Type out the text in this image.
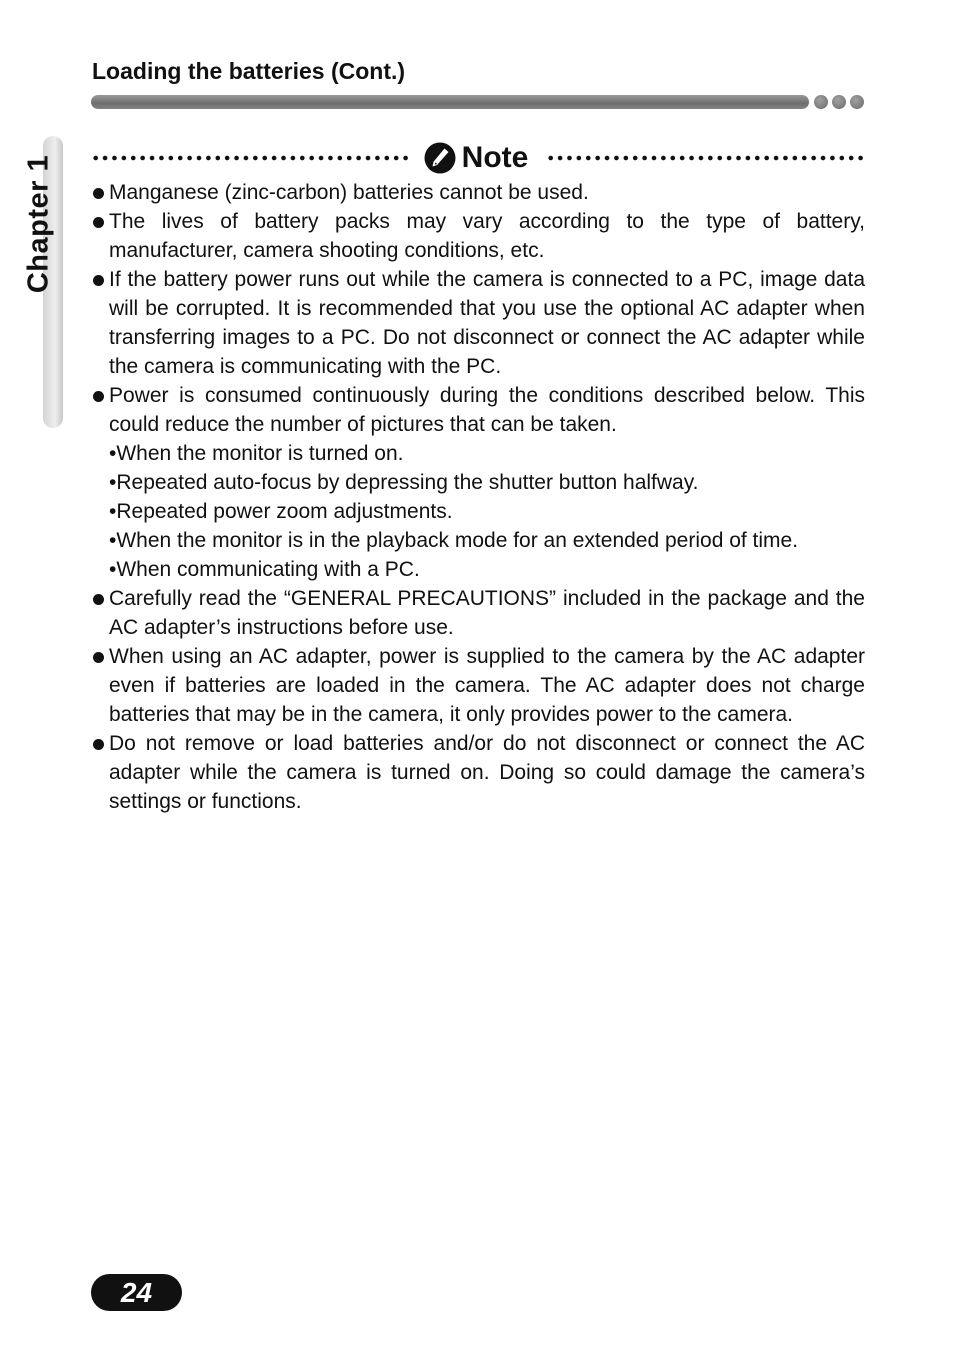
Loading the batteries (Cont.)
Chapter 1	Note
Manganese (zinc-carbon) batteries cannot be used.
The lives of battery packs may vary according to the type of battery, manufacturer, camera shooting conditions, etc.
If the battery power runs out while the camera is connected to a PC, image data will be corrupted. It is recommended that you use the optional AC adapter when transferring images to a PC. Do not disconnect or connect the AC adapter while the camera is communicating with the PC.
Power is consumed continuously during the conditions described below. This could reduce the number of pictures that can be taken.
•When the monitor is turned on.
•Repeated auto-focus by depressing the shutter button halfway.
•Repeated power zoom adjustments.
•When the monitor is in the playback mode for an extended period of time.
•When communicating with a PC.
Carefully read the “GENERAL PRECAUTIONS” included in the package and the AC adapter’s instructions before use.
When using an AC adapter, power is supplied to the camera by the AC adapter even if batteries are loaded in the camera. The AC adapter does not charge batteries that may be in the camera, it only provides power to the camera.
Do not remove or load batteries and/or do not disconnect or connect the AC adapter while the camera is turned on. Doing so could damage the camera’s settings or functions.
24
